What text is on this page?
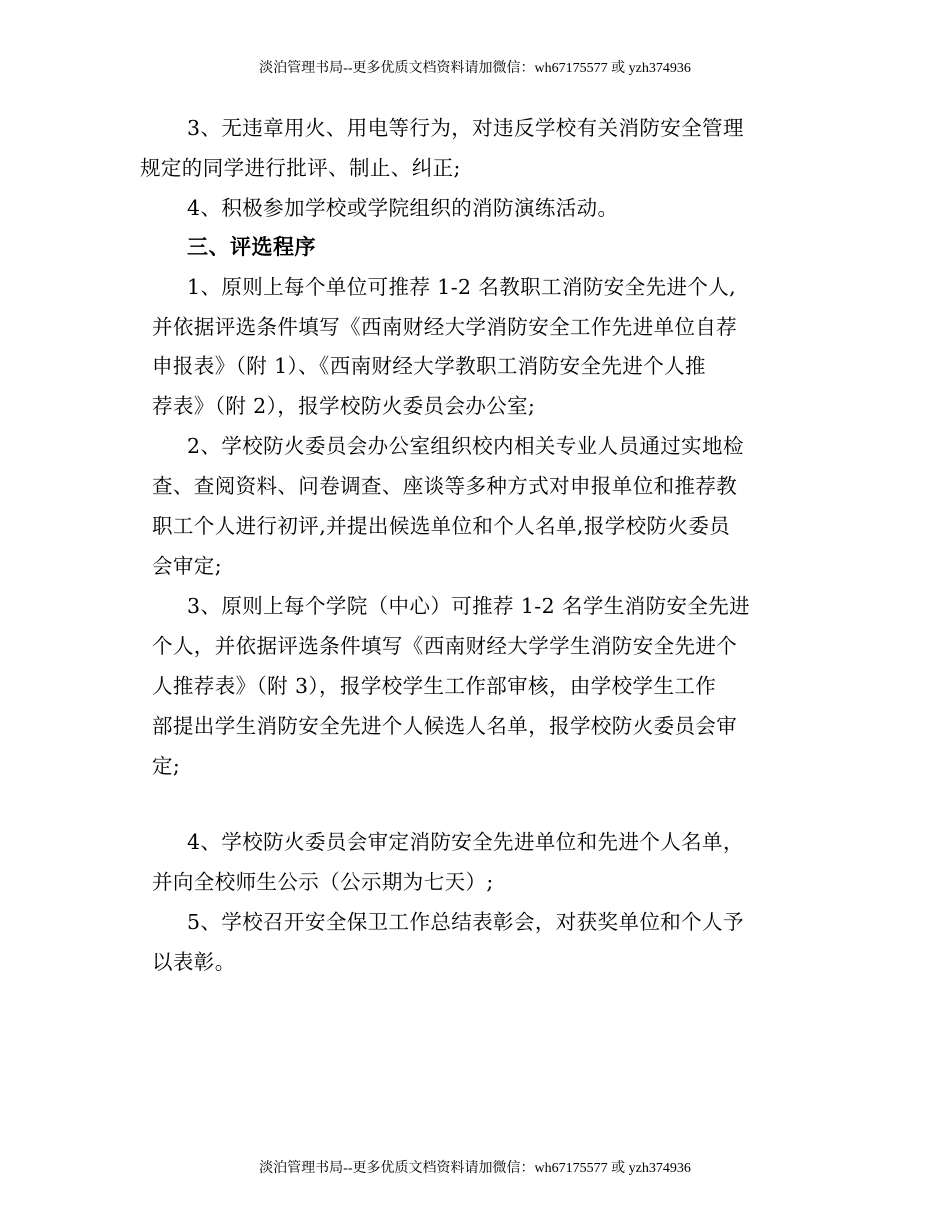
淡泊管理书局--更多优质文档资料请加微信：wh67175577 或 yzh374936
3、无违章用火、用电等行为，对违反学校有关消防安全管理
规定的同学进行批评、制止、纠正;
4、积极参加学校或学院组织的消防演练活动。
三、评选程序
1、原则上每个单位可推荐 1-2 名教职工消防安全先进个人,
并依据评选条件填写《西南财经大学消防安全工作先进单位自荐
申报表》（附 1）、《西南财经大学教职工消防安全先进个人推
荐表》（附 2），报学校防火委员会办公室;
2、学校防火委员会办公室组织校内相关专业人员通过实地检
查、查阅资料、问卷调查、座谈等多种方式对申报单位和推荐教
职工个人进行初评,并提出候选单位和个人名单,报学校防火委员
会审定;
3、原则上每个学院（中心）可推荐 1-2 名学生消防安全先进
个人，并依据评选条件填写《西南财经大学学生消防安全先进个
人推荐表》（附 3），报学校学生工作部审核，由学校学生工作
部提出学生消防安全先进个人候选人名单，报学校防火委员会审
定;
4、学校防火委员会审定消防安全先进单位和先进个人名单，
并向全校师生公示（公示期为七天）;
5、学校召开安全保卫工作总结表彰会，对获奖单位和个人予
以表彰。
淡泊管理书局--更多优质文档资料请加微信：wh67175577 或 yzh374936
